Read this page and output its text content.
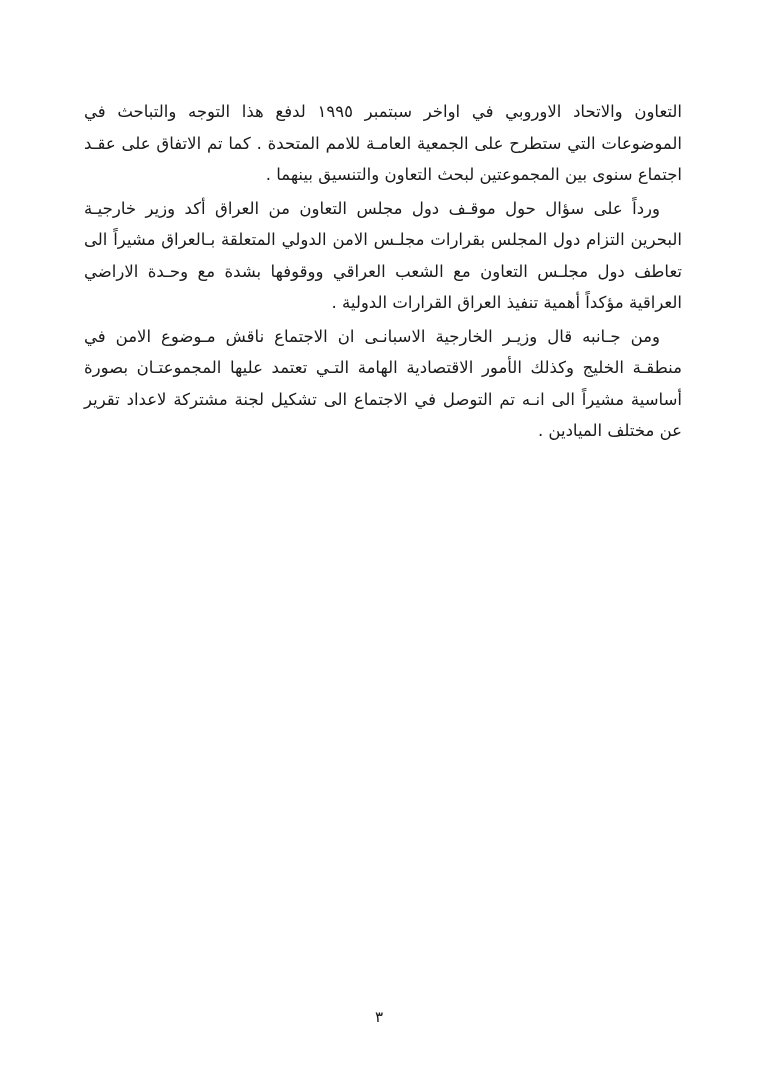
التعاون والاتحاد الاوروبي في اواخر سبتمبر ١٩٩٥ لدفع هذا التوجه والتباحث في الموضوعات التي ستطرح على الجمعية العامـة للامم المتحدة . كما تم الاتفاق على عقـد اجتماع سنوى بين المجموعتين لبحث التعاون والتنسيق بينهما .

ورداً على سؤال حول موقـف دول مجلس التعاون من العراق أكد وزير خارجيـة البحرين التزام دول المجلس بقرارات مجلـس الامن الدولي المتعلقة بـالعراق مشيراً الى تعاطف دول مجلـس التعاون مع الشعب العراقي ووقوفها بشدة مع وحـدة الاراضي العراقية مؤكداً أهمية تنفيذ العراق القرارات الدولية .

ومن جـانبه قال وزيـر الخارجية الاسبانـى ان الاجتماع ناقش مـوضوع الامن في منطقـة الخليج وكذلك الأمور الاقتصادية الهامة التـي تعتمد عليها المجموعتـان بصورة أساسية مشيراً الى انـه تم التوصل في الاجتماع الى تشكيل لجنة مشتركة لاعداد تقرير عن مختلف الميادين .

٣
